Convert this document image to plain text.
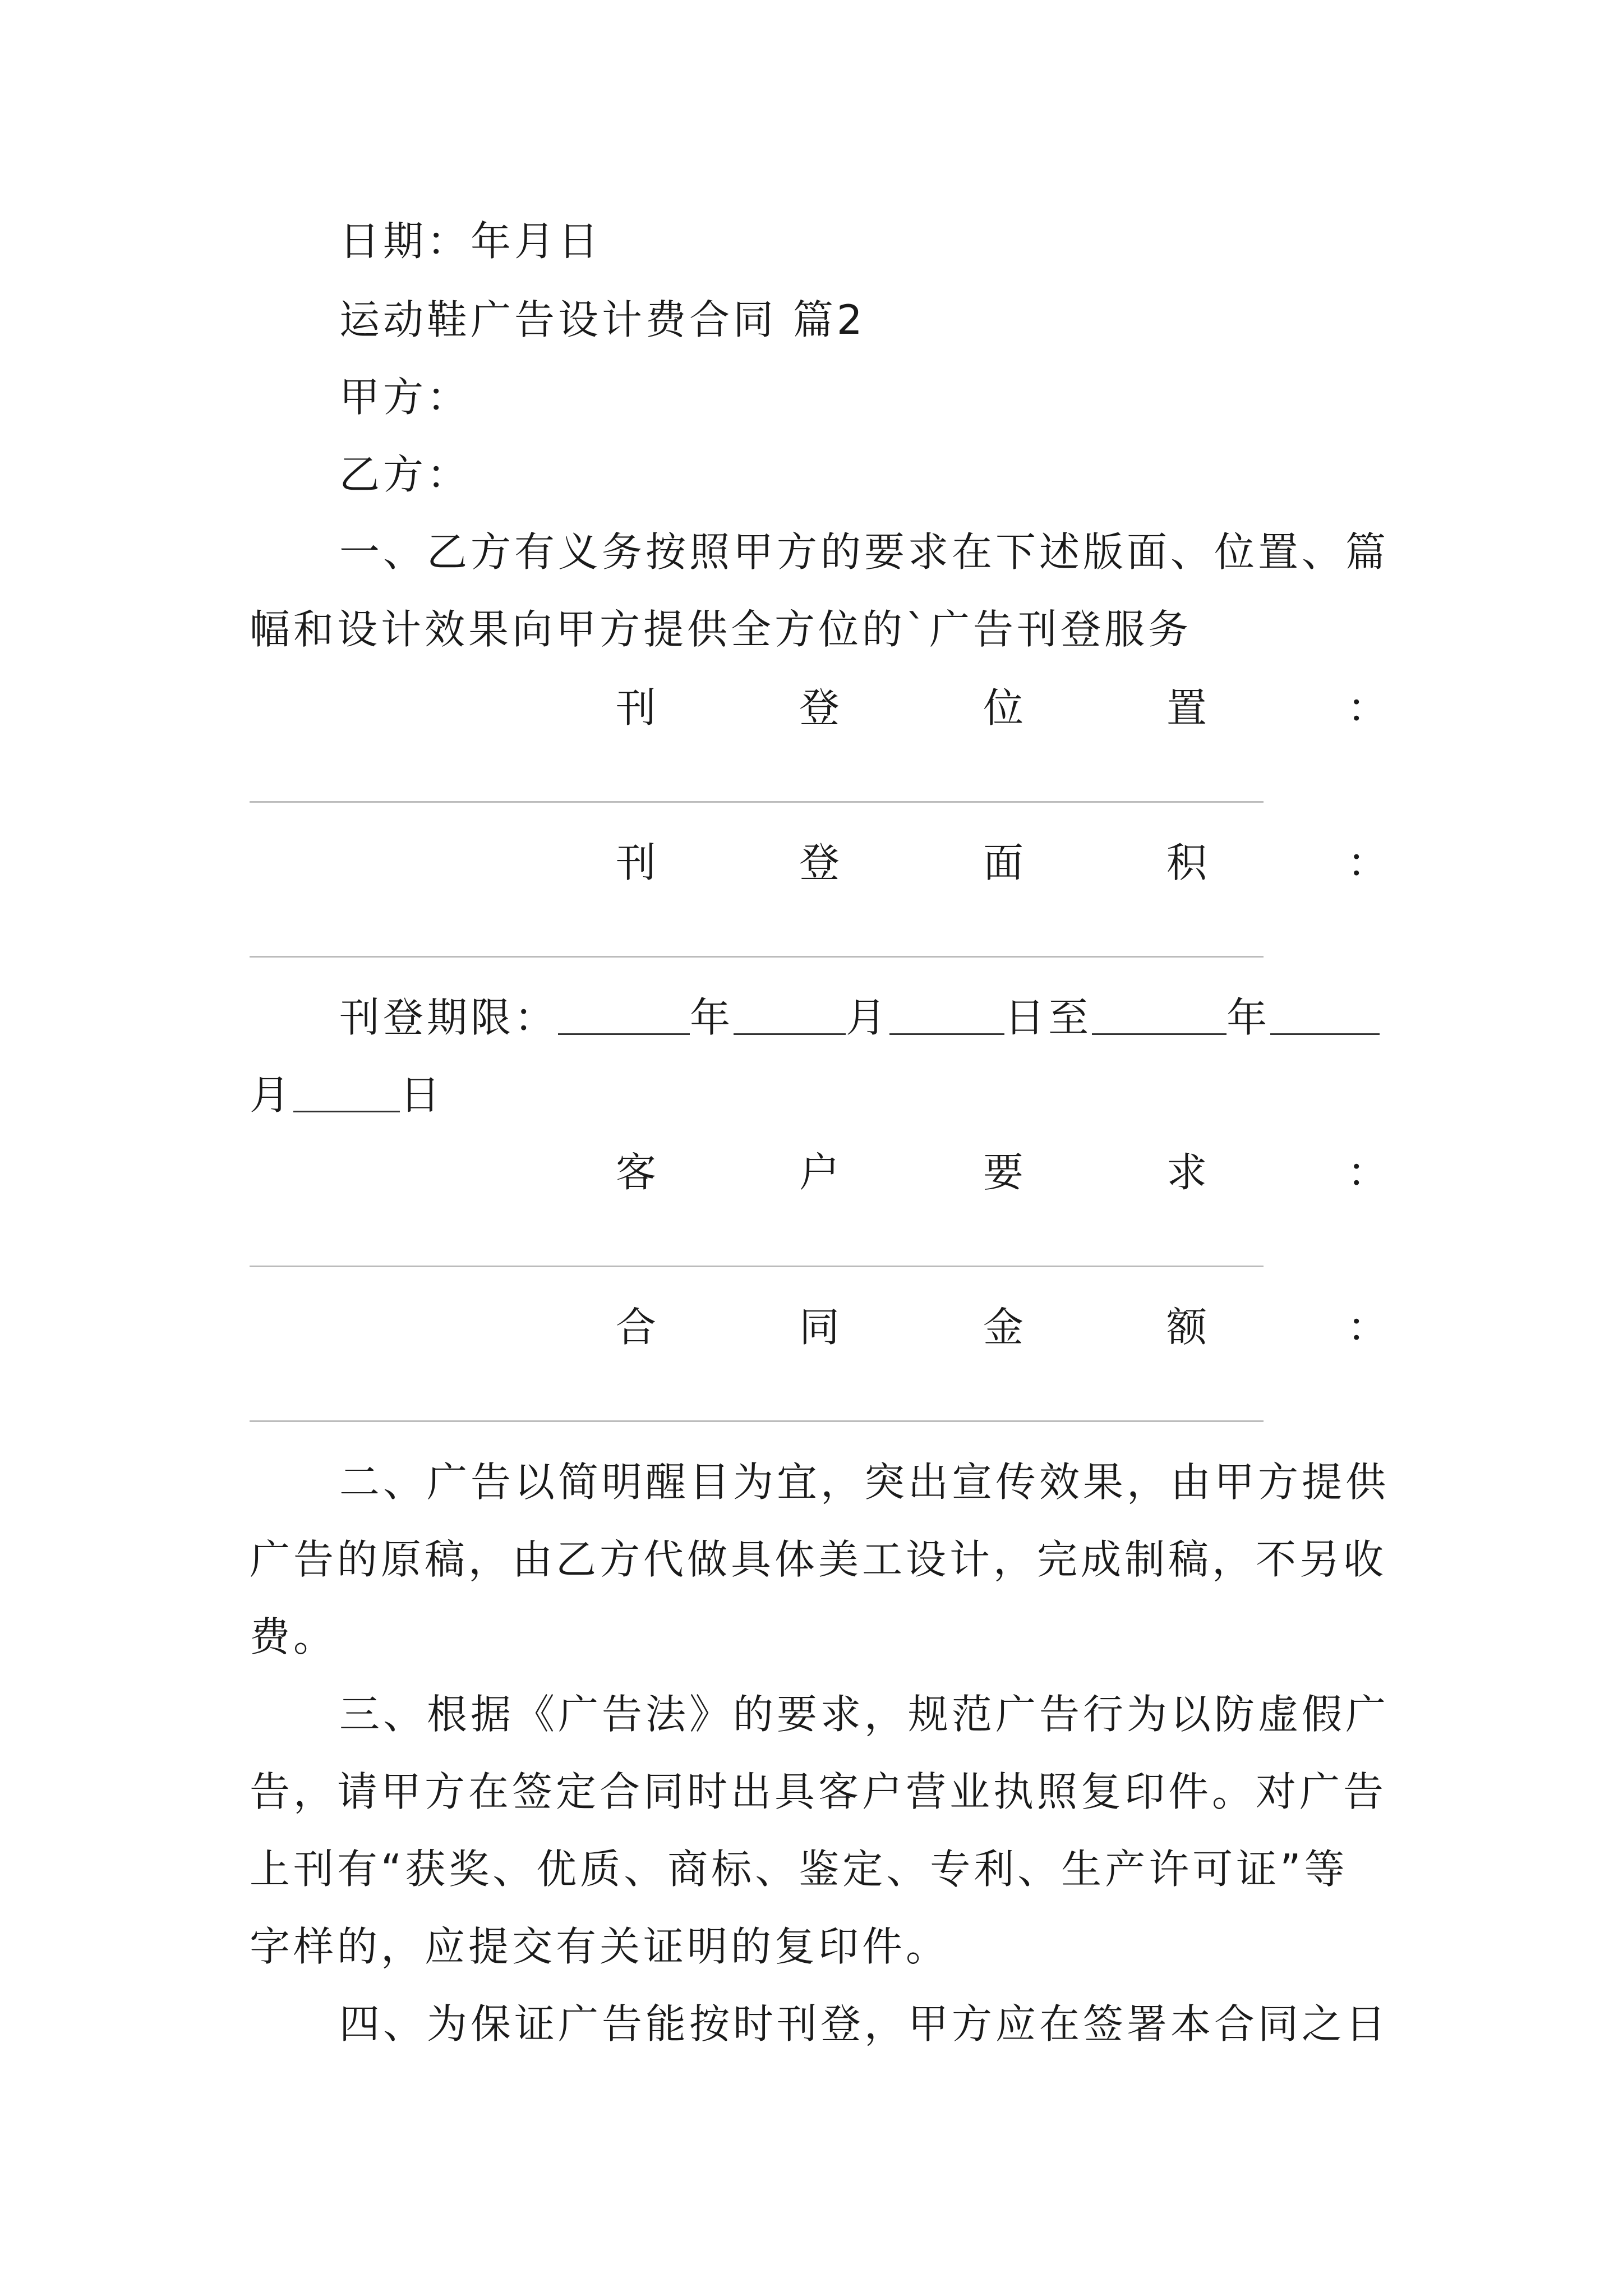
日期：年月日
运动鞋广告设计费合同 篇2
甲方：
乙方：
一、乙方有义务按照甲方的要求在下述版面、位置、篇
幅和设计效果向甲方提供全方位的`广告刊登服务
刊	登	位	置	：
刊	登	面	积	：
刊登期限：	年	月	日至	年
月	日
客	户	要	求	：
合	同	金	额	：
二、广告以简明醒目为宜，突出宣传效果，由甲方提供
广告的原稿，由乙方代做具体美工设计，完成制稿，不另收
费。
三、根据《广告法》的要求，规范广告行为以防虚假广
告，请甲方在签定合同时出具客户营业执照复印件。对广告
上刊有“获奖、优质、商标、鉴定、专利、生产许可证”等
字样的，应提交有关证明的复印件。
四、为保证广告能按时刊登，甲方应在签署本合同之日
